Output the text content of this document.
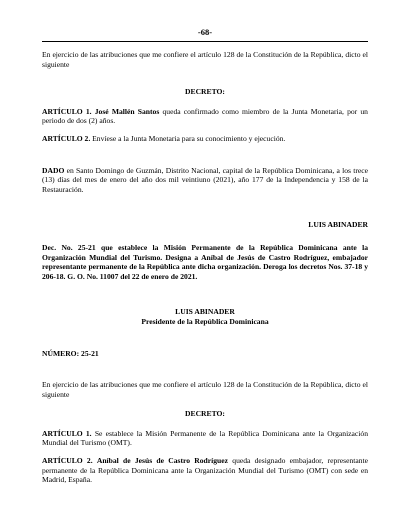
-68-

En ejercicio de las atribuciones que me confiere el artículo 128 de la Constitución de la República, dicto el siguiente

DECRETO:

ARTÍCULO 1. José Mallén Santos queda confirmado como miembro de la Junta Monetaria, por un periodo de dos (2) años.

ARTÍCULO 2. Envíese a la Junta Monetaria para su conocimiento y ejecución.

DADO en Santo Domingo de Guzmán, Distrito Nacional, capital de la República Dominicana, a los trece (13) días del mes de enero del año dos mil veintiuno (2021), año 177 de la Independencia y 158 de la Restauración.

LUIS ABINADER

Dec. No. 25-21 que establece la Misión Permanente de la República Dominicana ante la Organización Mundial del Turismo. Designa a Aníbal de Jesús de Castro Rodríguez, embajador representante permanente de la República ante dicha organización. Deroga los decretos Nos. 37-18 y 206-18. G. O. No. 11007 del 22 de enero de 2021.

LUIS ABINADER

Presidente de la República Dominicana

NÚMERO: 25-21

En ejercicio de las atribuciones que me confiere el artículo 128 de la Constitución de la República, dicto el siguiente

DECRETO:

ARTÍCULO 1. Se establece la Misión Permanente de la República Dominicana ante la Organización Mundial del Turismo (OMT).

ARTÍCULO 2. Aníbal de Jesús de Castro Rodríguez queda designado embajador, representante permanente de la República Dominicana ante la Organización Mundial del Turismo (OMT) con sede en Madrid, España.
